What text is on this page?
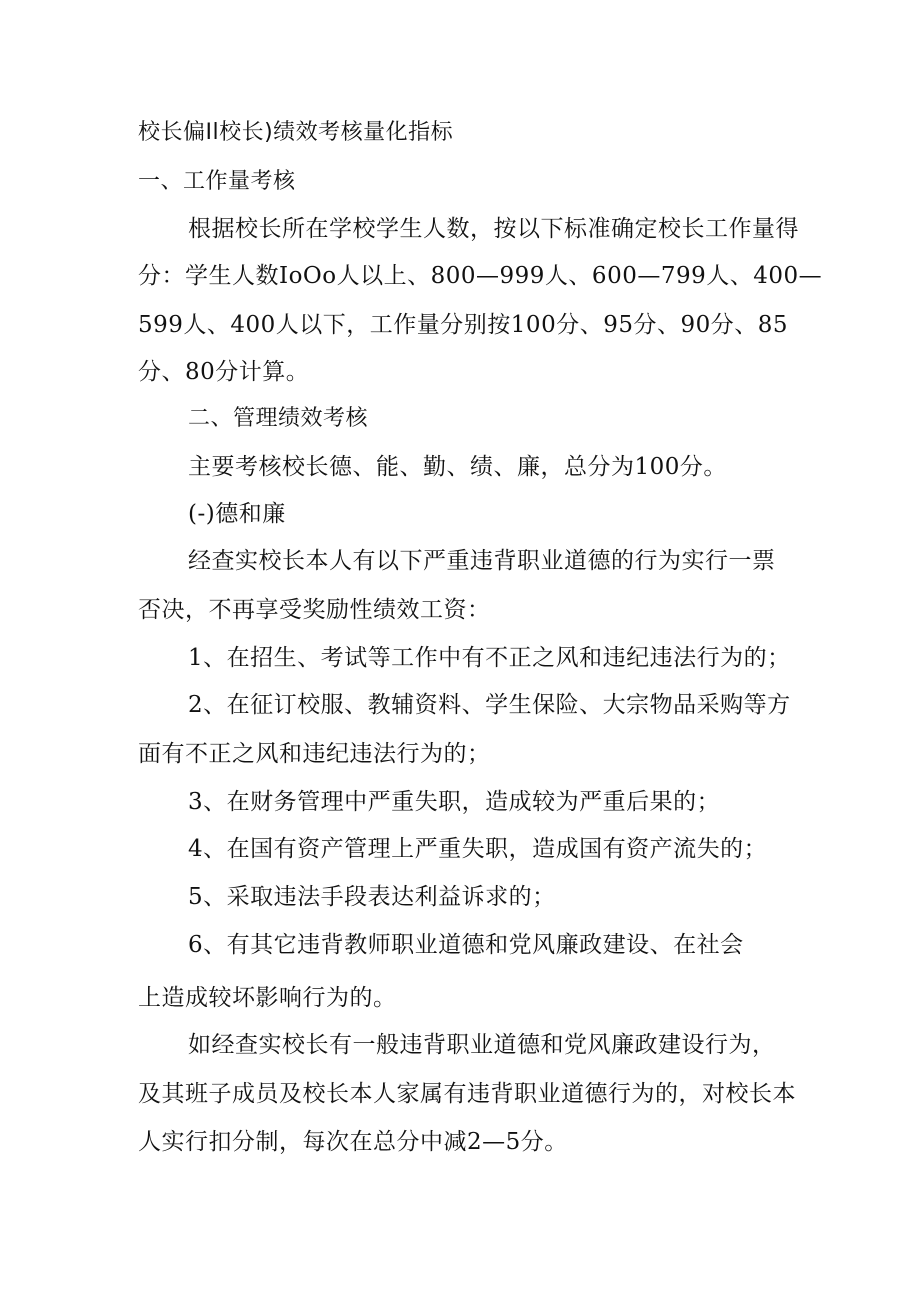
校长偏Il校长)绩效考核量化指标
一、工作量考核
根据校长所在学校学生人数，按以下标准确定校长工作量得
分：学生人数IoOo人以上、800—999人、600—799人、400—
599人、400人以下，工作量分别按100分、95分、90分、85
分、80分计算。
二、管理绩效考核
主要考核校长德、能、勤、绩、廉，总分为100分。
(-)德和廉
经查实校长本人有以下严重违背职业道德的行为实行一票
否决，不再享受奖励性绩效工资：
1、在招生、考试等工作中有不正之风和违纪违法行为的；
2、在征订校服、教辅资料、学生保险、大宗物品采购等方
面有不正之风和违纪违法行为的；
3、在财务管理中严重失职，造成较为严重后果的；
4、在国有资产管理上严重失职，造成国有资产流失的；
5、采取违法手段表达利益诉求的；
6、有其它违背教师职业道德和党风廉政建设、在社会
上造成较坏影响行为的。
如经查实校长有一般违背职业道德和党风廉政建设行为，
及其班子成员及校长本人家属有违背职业道德行为的，对校长本
人实行扣分制，每次在总分中减2—5分。
